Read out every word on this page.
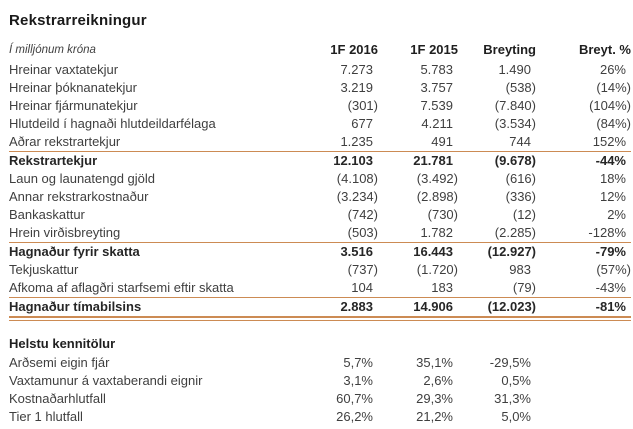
Rekstrarreikningur
Í milljónum króna	1F 2016	1F 2015	Breyting	Breyt. %
Hreinar vaxtatekjur	7.273	5.783	1.490	26%
Hreinar þóknanatekjur	3.219	3.757	(538)	(14%)
Hreinar fjármunatekjur	(301)	7.539	(7.840)	(104%)
Hlutdeild í hagnaði hlutdeildarfélaga	677	4.211	(3.534)	(84%)
Aðrar rekstrartekjur	1.235	491	744	152%
Rekstrartekjur	12.103	21.781	(9.678)	-44%
Laun og launatengd gjöld	(4.108)	(3.492)	(616)	18%
Annar rekstrarkostnaður	(3.234)	(2.898)	(336)	12%
Bankaskattur	(742)	(730)	(12)	2%
Hrein virðisbreyting	(503)	1.782	(2.285)	-128%
Hagnaður fyrir skatta	3.516	16.443	(12.927)	-79%
Tekjuskattur	(737)	(1.720)	983	(57%)
Afkoma af aflagðri starfsemi eftir skatta	104	183	(79)	-43%
Hagnaður tímabilsins	2.883	14.906	(12.023)	-81%
Helstu kennitölur
Arðsemi eigin fjár	5,7%	35,1%	-29,5%	
Vaxtamunur á vaxtaberandi eignir	3,1%	2,6%	0,5%	
Kostnaðarhlutfall	60,7%	29,3%	31,3%	
Tier 1 hlutfall	26,2%	21,2%	5,0%	
